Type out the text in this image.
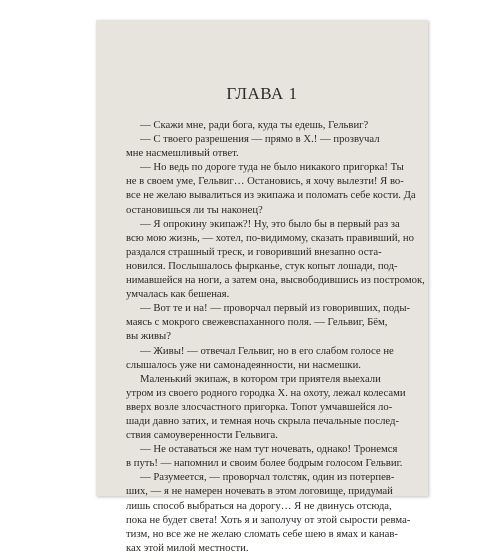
ГЛАВА 1

— Скажи мне, ради бога, куда ты едешь, Гельвиг?

— С твоего разрешения — прямо в Х.! — прозвучал
мне насмешливый ответ.

— Но ведь по дороге туда не было никакого пригорка! Ты
не в своем уме, Гельвиг… Остановись, я хочу вылезти! Я во-
все не желаю вывалиться из экипажа и поломать себе кости. Да
остановишься ли ты наконец?

— Я опрокину экипаж?! Ну, это было бы в первый раз за
всю мою жизнь, — хотел, по-видимому, сказать правивший, но
раздался страшный треск, и говоривший внезапно оста-
новился. Послышалось фырканье, стук копыт лошади, под-
нимавшейся на ноги, а затем она, высвободившись из постромок,
умчалась как бешеная.

— Вот те и на! — проворчал первый из говоривших, поды-
маясь с мокрого свежевспаханного поля. — Гельвиг, Бём,
вы живы?

— Живы! — отвечал Гельвиг, но в его слабом голосе не
слышалось уже ни самонадеянности, ни насмешки.

Маленький экипаж, в котором три приятеля выехали
утром из своего родного городка Х. на охоту, лежал колесами
вверх возле злосчастного пригорка. Топот умчавшейся ло-
шади давно затих, и темная ночь скрыла печальные послед-
ствия самоуверенности Гельвига.

— Не оставаться же нам тут ночевать, однако! Тронемся
в путь! — напомнил и своим более бодрым голосом Гельвиг.

— Разумеется, — проворчал толстяк, один из потерпев-
ших, — я не намерен ночевать в этом логовище, придумай
лишь способ выбраться на дорогу… Я не двинусь отсюда,
пока не будет света! Хоть я и заполучу от этой сырости ревма-
тизм, но все же не желаю сломать себе шею в ямах и канав-
ках этой милой местности.
